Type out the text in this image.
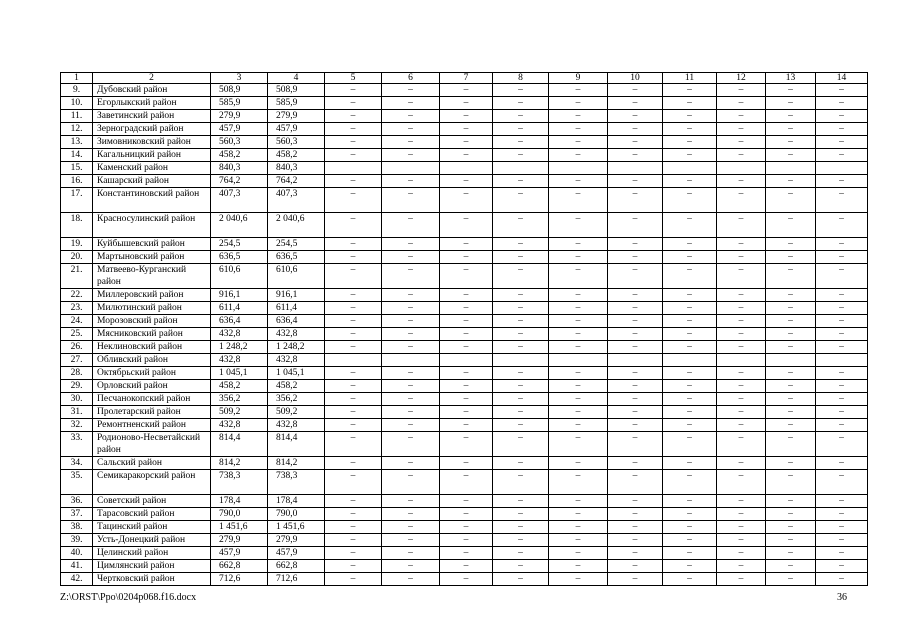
1	2	3	4	5	6	7	8	9	10	11	12	13	14
9.	Дубовский район	508,9	508,9	–	–	–	–	–	–	–	–	–	–
10.	Егорлыкский район	585,9	585,9	–	–	–	–	–	–	–	–	–	–
11.	Заветинский район	279,9	279,9	–	–	–	–	–	–	–	–	–	–
12.	Зерноградский район	457,9	457,9	–	–	–	–	–	–	–	–	–	–
13.	Зимовниковский район	560,3	560,3	–	–	–	–	–	–	–	–	–	–
14.	Кагальницкий район	458,2	458,2	–	–	–	–	–	–	–	–	–	–
15.	Каменский район	840,3	840,3										
16.	Кашарский район	764,2	764,2	–	–	–	–	–	–	–	–	–	–
17.	Константиновский район	407,3	407,3	–	–	–	–	–	–	–	–	–	–
18.	Красносулинский район	2 040,6	2 040,6	–	–	–	–	–	–	–	–	–	–
19.	Куйбышевский район	254,5	254,5	–	–	–	–	–	–	–	–	–	–
20.	Мартыновский район	636,5	636,5	–	–	–	–	–	–	–	–	–	–
21.	Матвеево-Курганский район	610,6	610,6	–	–	–	–	–	–	–	–	–	–
22.	Миллеровский район	916,1	916,1	–	–	–	–	–	–	–	–	–	–
23.	Милютинский район	611,4	611,4	–	–	–	–	–	–	–	–	–	–
24.	Морозовский район	636,4	636,4	–	–	–	–	–	–	–	–	–	–
25.	Мясниковский район	432,8	432,8	–	–	–	–	–	–	–	–	–	–
26.	Неклиновский район	1 248,2	1 248,2	–	–	–	–	–	–	–	–	–	–
27.	Обливский район	432,8	432,8										
28.	Октябрьский район	1 045,1	1 045,1	–	–	–	–	–	–	–	–	–	–
29.	Орловский район	458,2	458,2	–	–	–	–	–	–	–	–	–	–
30.	Песчанокопский район	356,2	356,2	–	–	–	–	–	–	–	–	–	–
31.	Пролетарский район	509,2	509,2	–	–	–	–	–	–	–	–	–	–
32.	Ремонтненский район	432,8	432,8	–	–	–	–	–	–	–	–	–	–
33.	Родионово-Несветайский район	814,4	814,4	–	–	–	–	–	–	–	–	–	–
34.	Сальский район	814,2	814,2	–	–	–	–	–	–	–	–	–	–
35.	Семикаракорский район	738,3	738,3	–	–	–	–	–	–	–	–	–	–
36.	Советский район	178,4	178,4	–	–	–	–	–	–	–	–	–	–
37.	Тарасовский район	790,0	790,0	–	–	–	–	–	–	–	–	–	–
38.	Тацинский район	1 451,6	1 451,6	–	–	–	–	–	–	–	–	–	–
39.	Усть-Донецкий район	279,9	279,9	–	–	–	–	–	–	–	–	–	–
40.	Целинский район	457,9	457,9	–	–	–	–	–	–	–	–	–	–
41.	Цимлянский район	662,8	662,8	–	–	–	–	–	–	–	–	–	–
42.	Чертковский район	712,6	712,6	–	–	–	–	–	–	–	–	–	–
Z:\ORST\Ppo\0204p068.f16.docx	36
